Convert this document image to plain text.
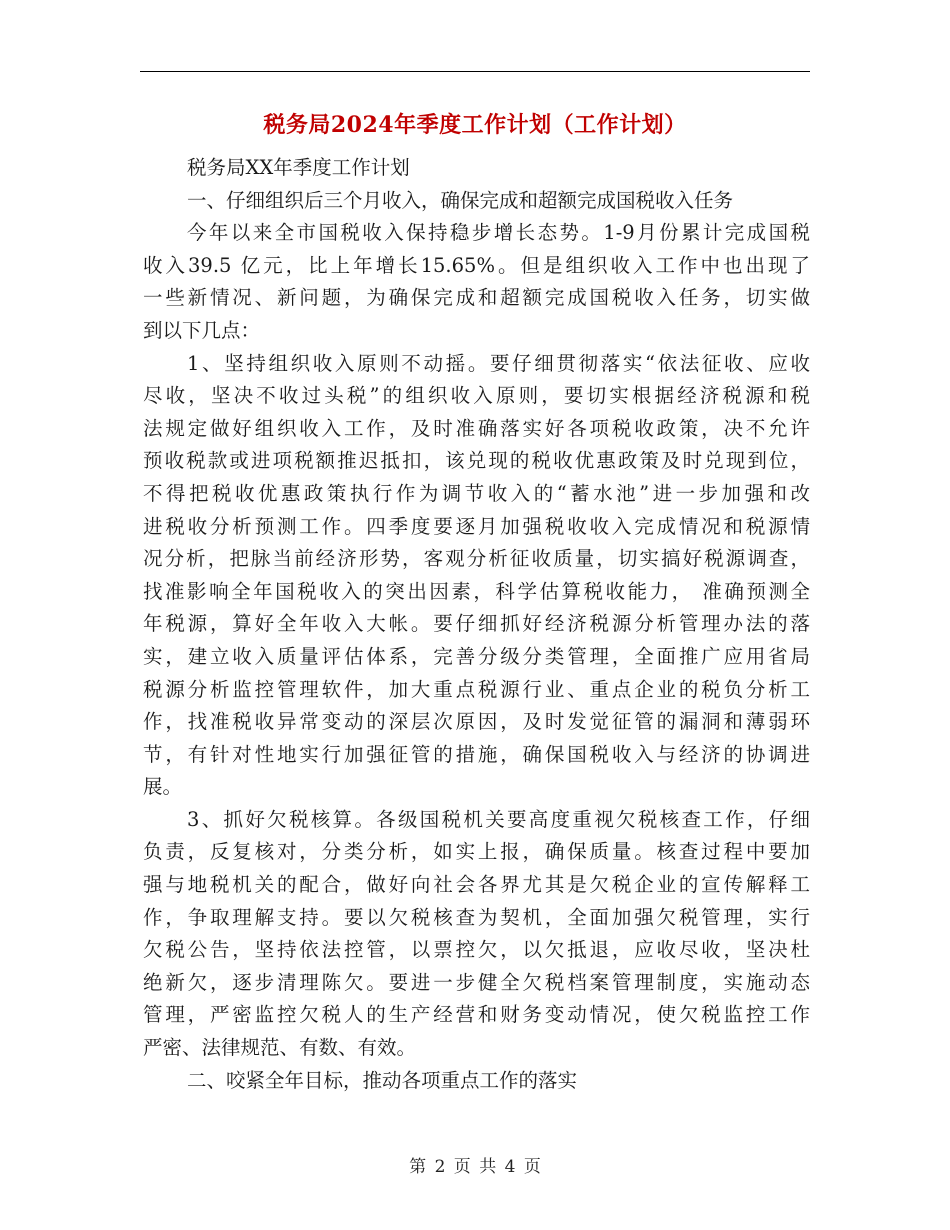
税务局2024年季度工作计划（工作计划）
税务局XX年季度工作计划
一、仔细组织后三个月收入，确保完成和超额完成国税收入任务
今年以来全市国税收入保持稳步增长态势。1-9月份累计完成国税
收入39.5 亿元，比上年增长15.65%。但是组织收入工作中也出现了
一些新情况、新问题，为确保完成和超额完成国税收入任务，切实做
到以下几点：
1、坚持组织收入原则不动摇。要仔细贯彻落实“依法征收、应收
尽收，坚决不收过头税”的组织收入原则，要切实根据经济税源和税
法规定做好组织收入工作，及时准确落实好各项税收政策，决不允许
预收税款或进项税额推迟抵扣，该兑现的税收优惠政策及时兑现到位，
不得把税收优惠政策执行作为调节收入的“蓄水池”进一步加强和改
进税收分析预测工作。四季度要逐月加强税收收入完成情况和税源情
况分析，把脉当前经济形势，客观分析征收质量，切实搞好税源调查，
找准影响全年国税收入的突出因素，科学估算税收能力， 准确预测全
年税源，算好全年收入大帐。要仔细抓好经济税源分析管理办法的落
实，建立收入质量评估体系，完善分级分类管理，全面推广应用省局
税源分析监控管理软件，加大重点税源行业、重点企业的税负分析工
作，找准税收异常变动的深层次原因，及时发觉征管的漏洞和薄弱环
节，有针对性地实行加强征管的措施，确保国税收入与经济的协调进
展。
3、抓好欠税核算。各级国税机关要高度重视欠税核查工作，仔细
负责，反复核对，分类分析，如实上报，确保质量。核查过程中要加
强与地税机关的配合，做好向社会各界尤其是欠税企业的宣传解释工
作，争取理解支持。要以欠税核查为契机，全面加强欠税管理，实行
欠税公告，坚持依法控管，以票控欠，以欠抵退，应收尽收，坚决杜
绝新欠，逐步清理陈欠。要进一步健全欠税档案管理制度，实施动态
管理，严密监控欠税人的生产经营和财务变动情况，使欠税监控工作
严密、法律规范、有数、有效。
二、咬紧全年目标，推动各项重点工作的落实
第 2 页 共 4 页
